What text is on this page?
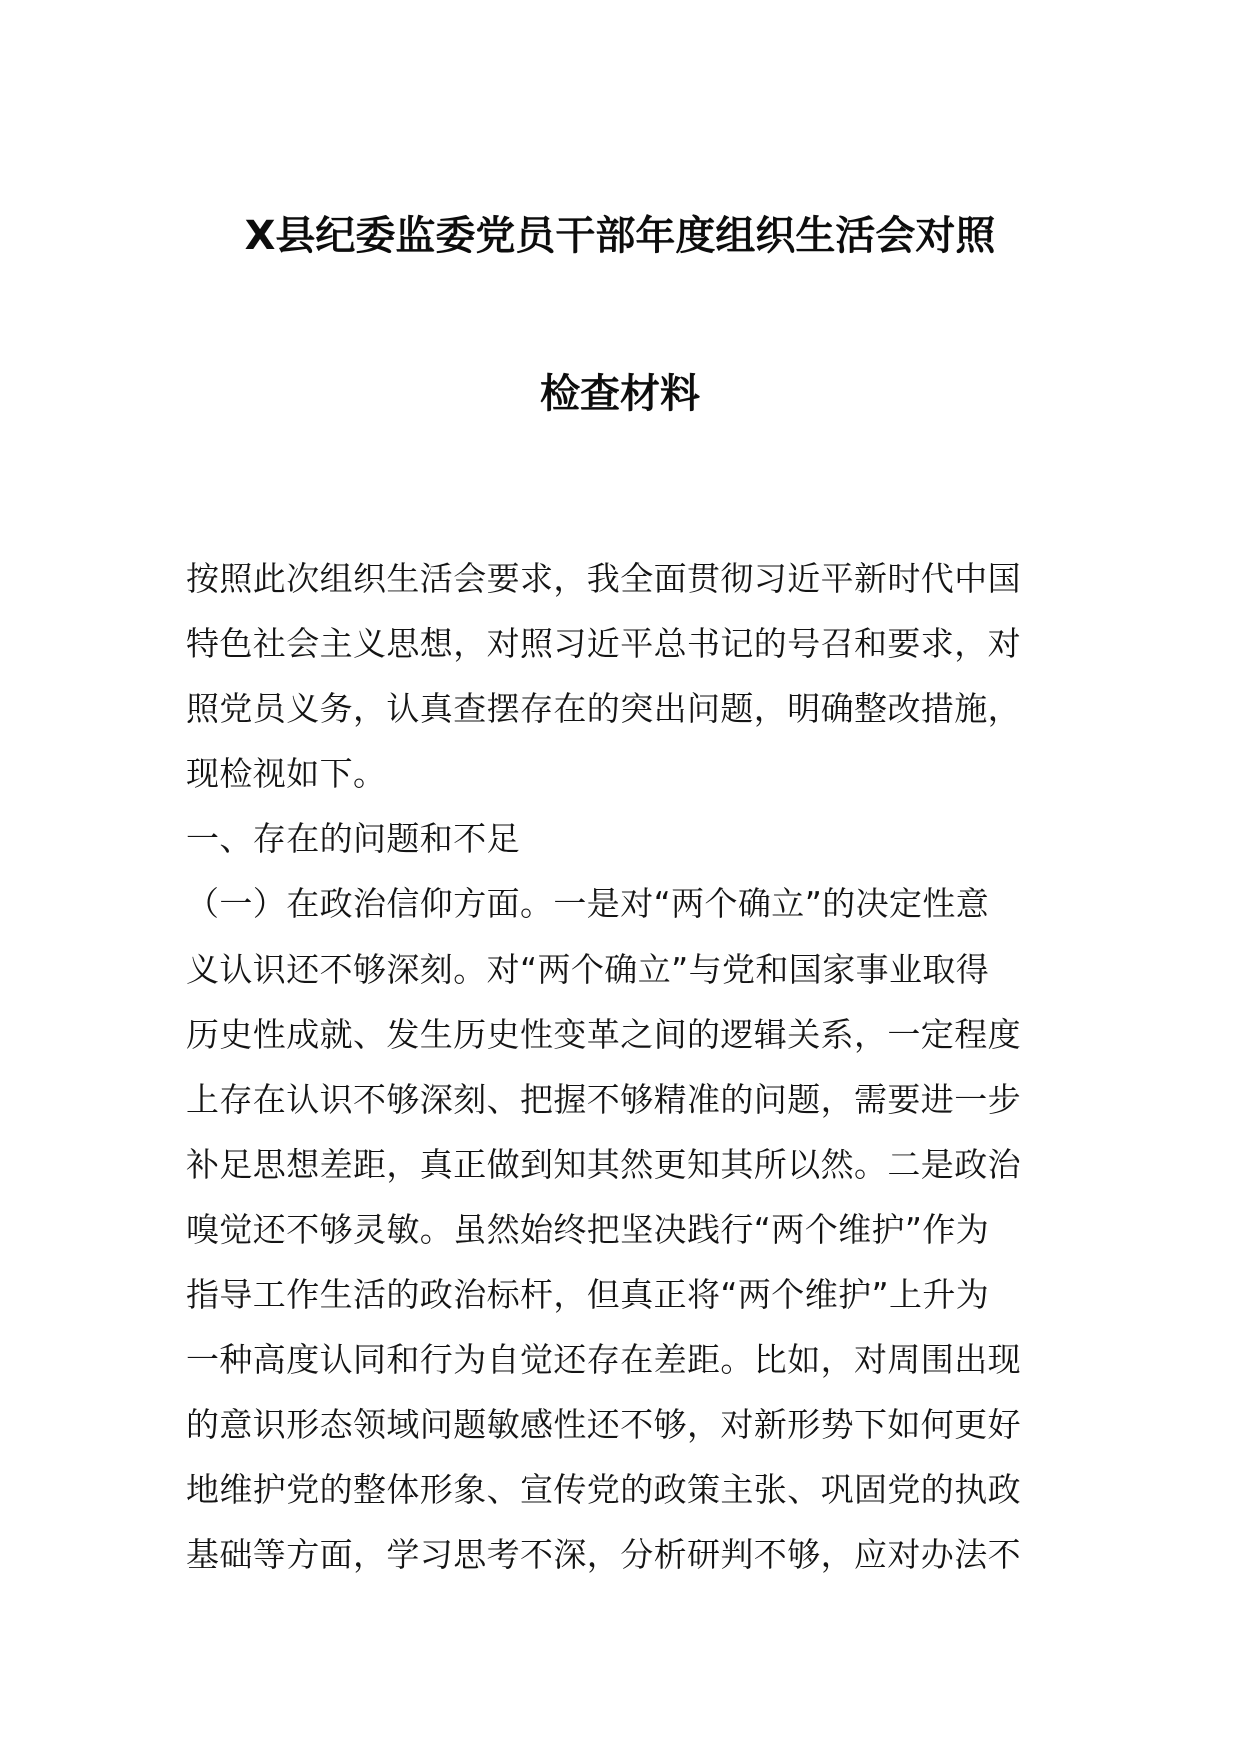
X县纪委监委党员干部年度组织生活会对照
检查材料
按照此次组织生活会要求，我全面贯彻习近平新时代中国
特色社会主义思想，对照习近平总书记的号召和要求，对
照党员义务，认真查摆存在的突出问题，明确整改措施，
现检视如下。
一、存在的问题和不足
（一）在政治信仰方面。一是对“两个确立”的决定性意
义认识还不够深刻。对“两个确立”与党和国家事业取得
历史性成就、发生历史性变革之间的逻辑关系，一定程度
上存在认识不够深刻、把握不够精准的问题，需要进一步
补足思想差距，真正做到知其然更知其所以然。二是政治
嗅觉还不够灵敏。虽然始终把坚决践行“两个维护”作为
指导工作生活的政治标杆，但真正将“两个维护”上升为
一种高度认同和行为自觉还存在差距。比如，对周围出现
的意识形态领域问题敏感性还不够，对新形势下如何更好
地维护党的整体形象、宣传党的政策主张、巩固党的执政
基础等方面，学习思考不深，分析研判不够，应对办法不
